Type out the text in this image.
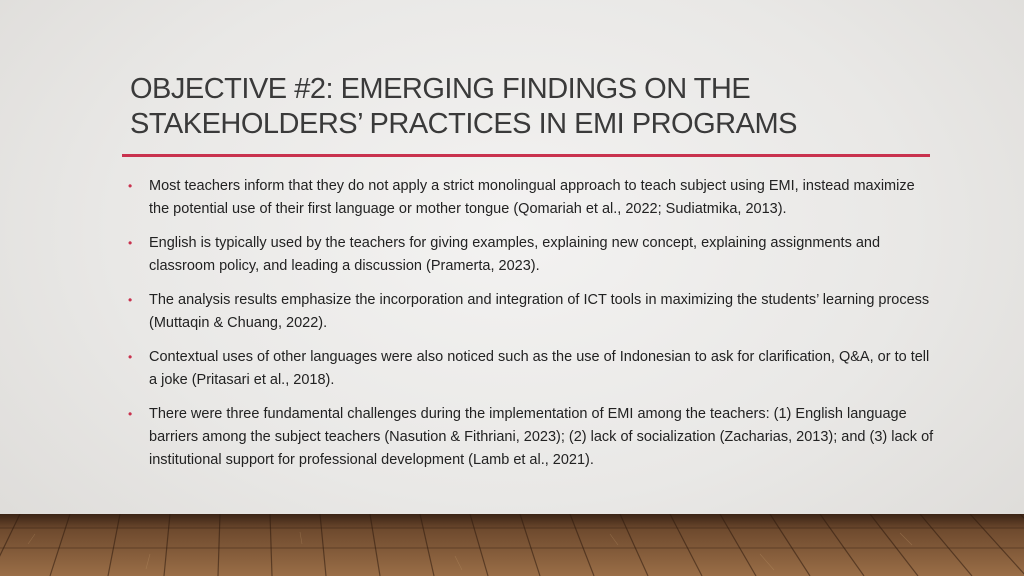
OBJECTIVE #2: EMERGING FINDINGS ON THE
STAKEHOLDERS’ PRACTICES IN EMI PROGRAMS
• Most teachers inform that they do not apply a strict monolingual approach to teach subject using EMI, instead maximize the potential use of their first language or mother tongue (Qomariah et al., 2022; Sudiatmika, 2013).
• English is typically used by the teachers for giving examples, explaining new concept, explaining assignments and classroom policy, and leading a discussion (Pramerta, 2023).
• The analysis results emphasize the incorporation and integration of ICT tools in maximizing the students’ learning process (Muttaqin & Chuang, 2022).
• Contextual uses of other languages were also noticed such as the use of Indonesian to ask for clarification, Q&A, or to tell a joke (Pritasari et al., 2018).
• There were three fundamental challenges during the implementation of EMI among the teachers: (1) English language barriers among the subject teachers (Nasution & Fithriani, 2023); (2) lack of socialization (Zacharias, 2013); and (3) lack of institutional support for professional development (Lamb et al., 2021).
